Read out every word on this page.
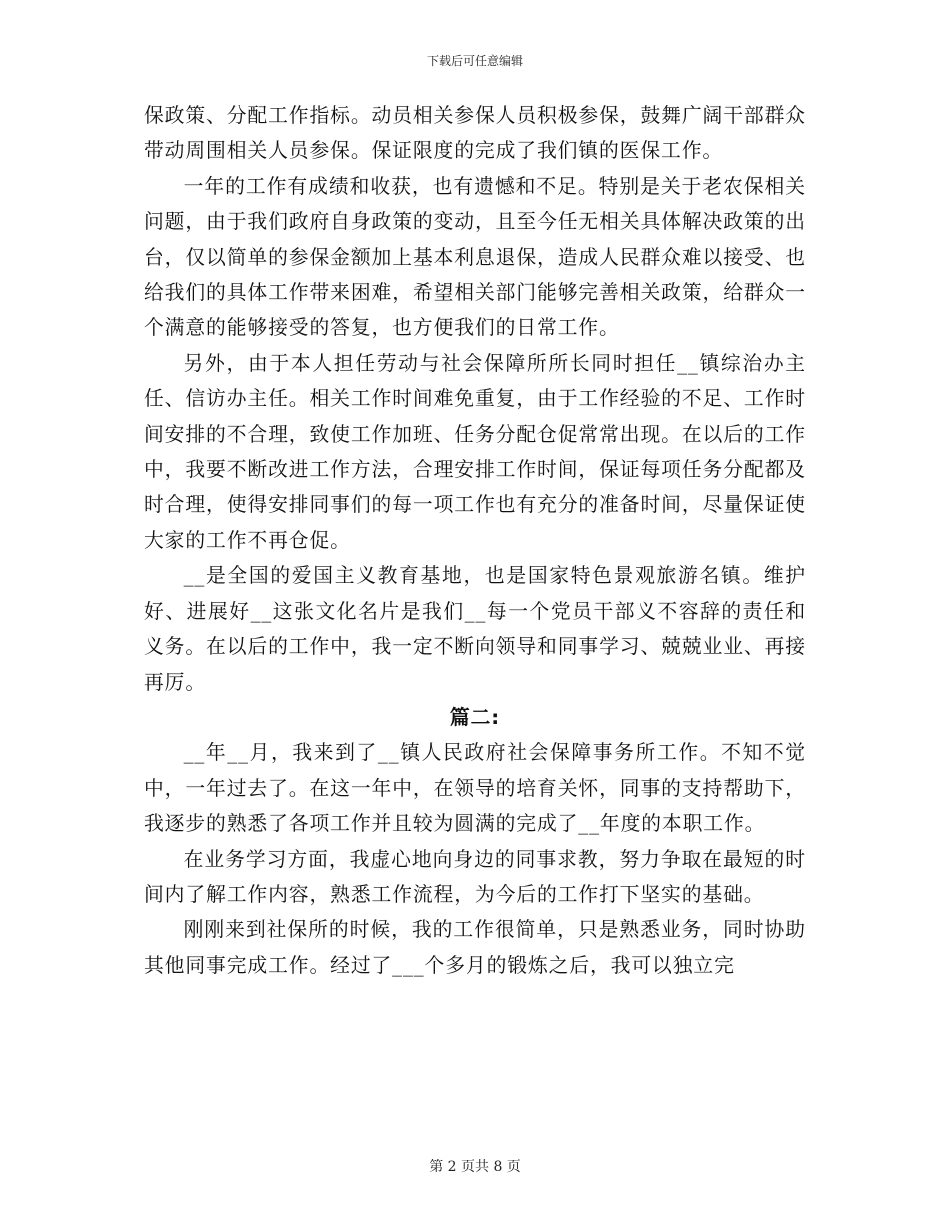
下载后可任意编辑

保政策、分配工作指标。动员相关参保人员积极参保，鼓舞广阔干部群众带动周围相关人员参保。保证限度的完成了我们镇的医保工作。

一年的工作有成绩和收获，也有遗憾和不足。特别是关于老农保相关问题，由于我们政府自身政策的变动，且至今任无相关具体解决政策的出台，仅以简单的参保金额加上基本利息退保，造成人民群众难以接受、也给我们的具体工作带来困难，希望相关部门能够完善相关政策，给群众一个满意的能够接受的答复，也方便我们的日常工作。

另外，由于本人担任劳动与社会保障所所长同时担任__镇综治办主任、信访办主任。相关工作时间难免重复，由于工作经验的不足、工作时间安排的不合理，致使工作加班、任务分配仓促常常出现。在以后的工作中，我要不断改进工作方法，合理安排工作时间，保证每项任务分配都及时合理，使得安排同事们的每一项工作也有充分的准备时间，尽量保证使大家的工作不再仓促。

__是全国的爱国主义教育基地，也是国家特色景观旅游名镇。维护好、进展好__这张文化名片是我们__每一个党员干部义不容辞的责任和义务。在以后的工作中，我一定不断向领导和同事学习、兢兢业业、再接再厉。

篇二:

__年__月，我来到了__镇人民政府社会保障事务所工作。不知不觉中，一年过去了。在这一年中，在领导的培育关怀，同事的支持帮助下，我逐步的熟悉了各项工作并且较为圆满的完成了__年度的本职工作。

在业务学习方面，我虚心地向身边的同事求教，努力争取在最短的时间内了解工作内容，熟悉工作流程，为今后的工作打下坚实的基础。

刚刚来到社保所的时候，我的工作很简单，只是熟悉业务，同时协助其他同事完成工作。经过了___个多月的锻炼之后，我可以独立完

第 2 页共 8 页
